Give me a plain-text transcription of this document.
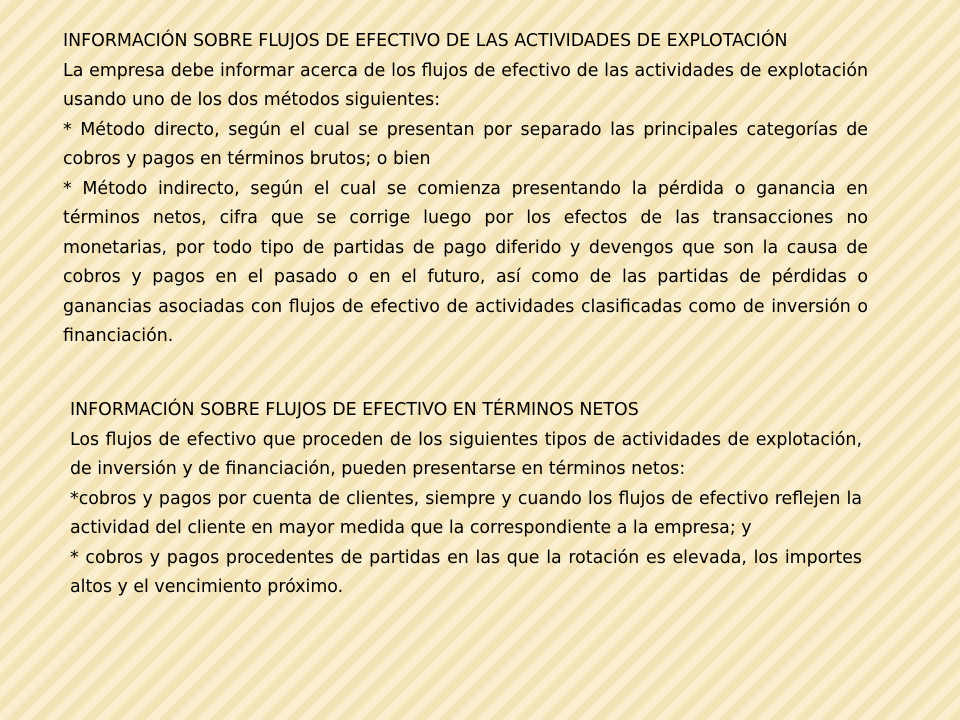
INFORMACIÓN SOBRE FLUJOS DE EFECTIVO DE LAS ACTIVIDADES DE EXPLOTACIÓN

La empresa debe informar acerca de los flujos de efectivo de las actividades de explotación usando uno de los dos métodos siguientes:

* Método directo, según el cual se presentan por separado las principales categorías de cobros y pagos en términos brutos; o bien

* Método indirecto, según el cual se comienza presentando la pérdida o ganancia en términos netos, cifra que se corrige luego por los efectos de las transacciones no monetarias, por todo tipo de partidas de pago diferido y devengos que son la causa de cobros y pagos en el pasado o en el futuro, así como de las partidas de pérdidas o ganancias asociadas con flujos de efectivo de actividades clasificadas como de inversión o financiación.

INFORMACIÓN SOBRE FLUJOS DE EFECTIVO EN TÉRMINOS NETOS

Los flujos de efectivo que proceden de los siguientes tipos de actividades de explotación, de inversión y de financiación, pueden presentarse en términos netos:

*cobros y pagos por cuenta de clientes, siempre y cuando los flujos de efectivo reflejen la actividad del cliente en mayor medida que la correspondiente a la empresa; y

* cobros y pagos procedentes de partidas en las que la rotación es elevada, los importes altos y el vencimiento próximo.
